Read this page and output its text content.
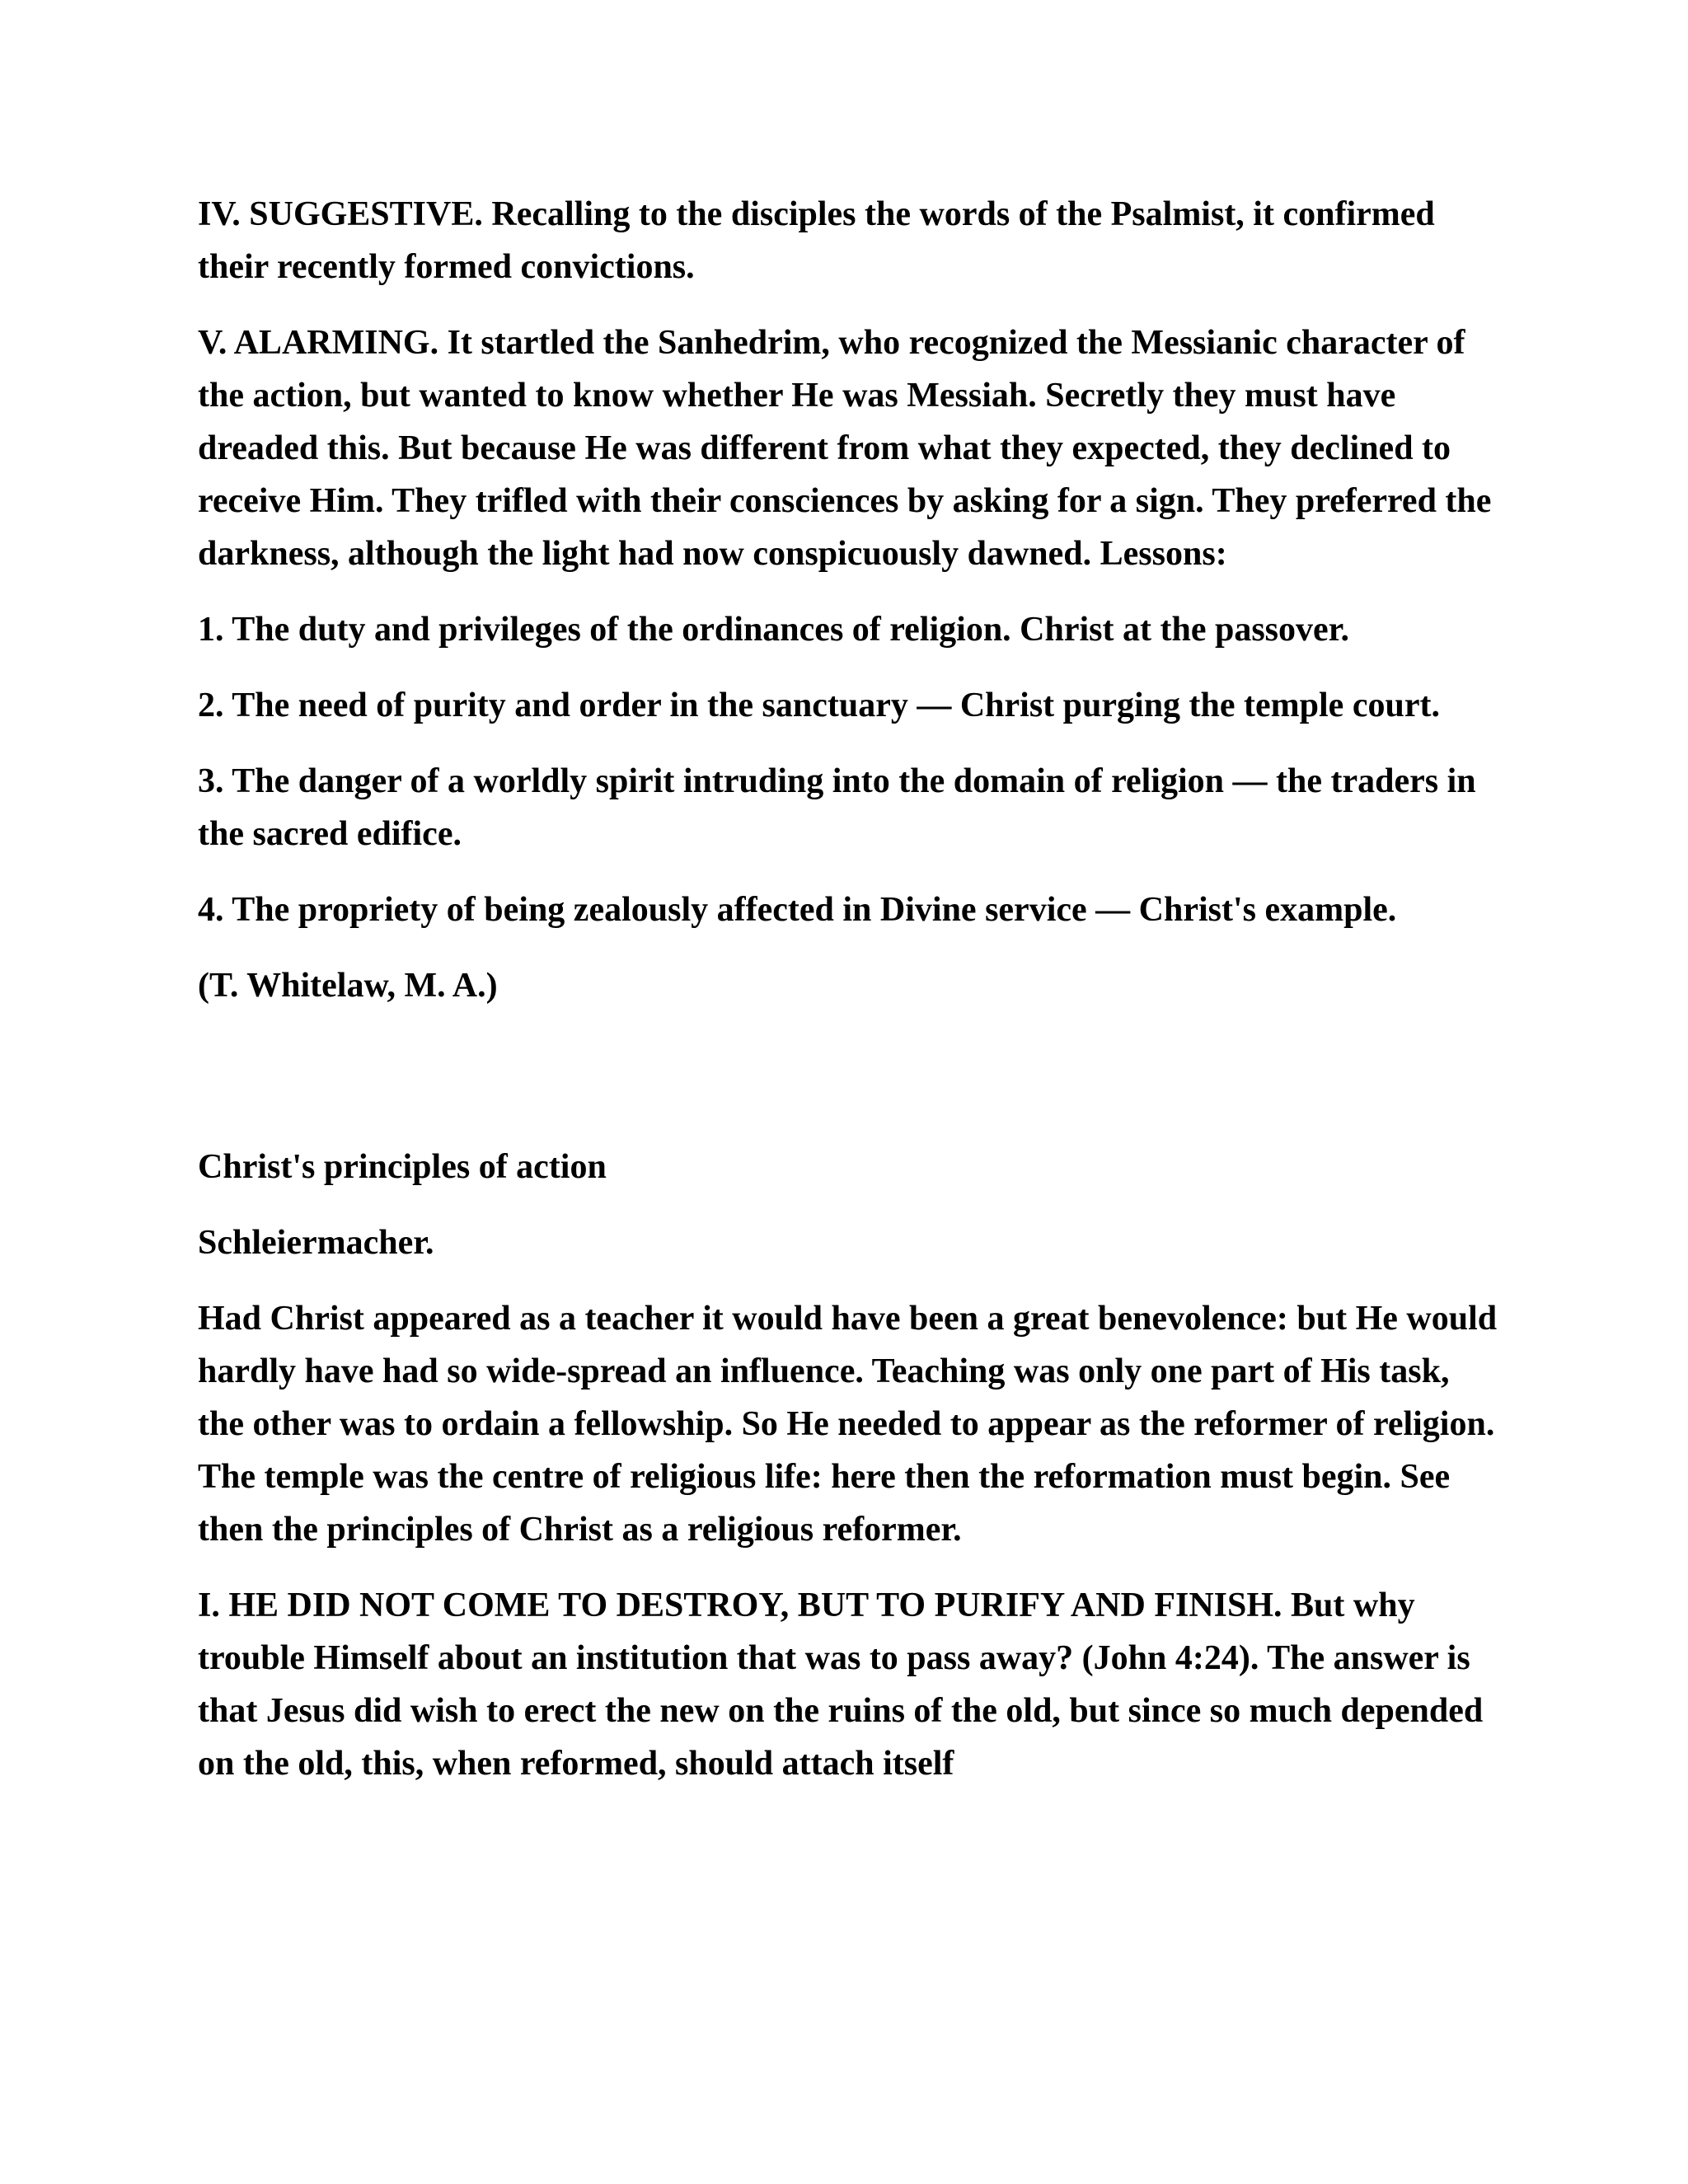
IV. SUGGESTIVE. Recalling to the disciples the words of the Psalmist, it confirmed their recently formed convictions.

V. ALARMING. It startled the Sanhedrim, who recognized the Messianic character of the action, but wanted to know whether He was Messiah. Secretly they must have dreaded this. But because He was different from what they expected, they declined to receive Him. They trifled with their consciences by asking for a sign. They preferred the darkness, although the light had now conspicuously dawned. Lessons:

1. The duty and privileges of the ordinances of religion. Christ at the passover.

2. The need of purity and order in the sanctuary — Christ purging the temple court.

3. The danger of a worldly spirit intruding into the domain of religion — the traders in the sacred edifice.

4. The propriety of being zealously affected in Divine service — Christ's example.

(T. Whitelaw, M. A.)

Christ's principles of action

Schleiermacher.

Had Christ appeared as a teacher it would have been a great benevolence: but He would hardly have had so wide-spread an influence. Teaching was only one part of His task, the other was to ordain a fellowship. So He needed to appear as the reformer of religion. The temple was the centre of religious life: here then the reformation must begin. See then the principles of Christ as a religious reformer.

I. HE DID NOT COME TO DESTROY, BUT TO PURIFY AND FINISH. But why trouble Himself about an institution that was to pass away? (John 4:24). The answer is that Jesus did wish to erect the new on the ruins of the old, but since so much depended on the old, this, when reformed, should attach itself
